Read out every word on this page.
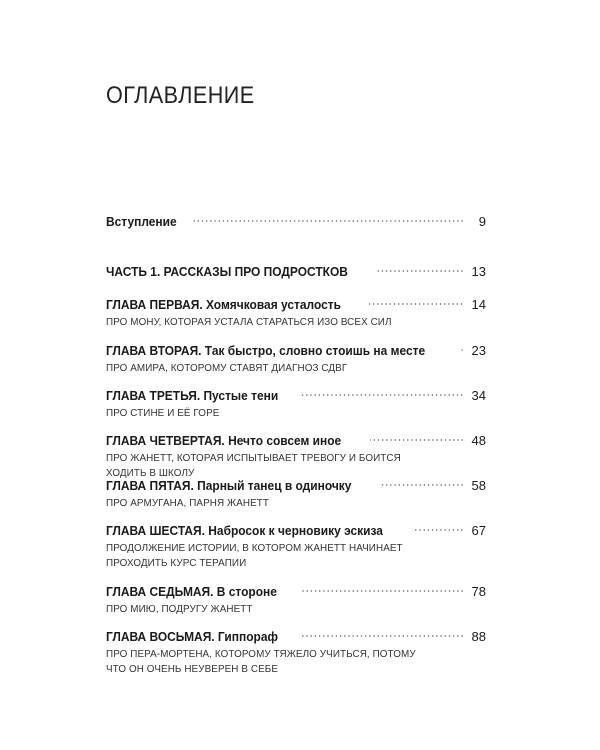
ОГЛАВЛЕНИЕ
Вступление	9
ЧАСТЬ 1. РАССКАЗЫ ПРО ПОДРОСТКОВ	13
ГЛАВА ПЕРВАЯ. Хомячковая усталость	14
ПРО МОНУ, КОТОРАЯ УСТАЛА СТАРАТЬСЯ ИЗО ВСЕХ СИЛ
ГЛАВА ВТОРАЯ. Так быстро, словно стоишь на месте	23
ПРО АМИРА, КОТОРОМУ СТАВЯТ ДИАГНОЗ СДВГ
ГЛАВА ТРЕТЬЯ. Пустые тени	34
ПРО СТИНЕ И ЕЁ ГОРЕ
ГЛАВА ЧЕТВЕРТАЯ. Нечто совсем иное	48
ПРО ЖАНЕТТ, КОТОРАЯ ИСПЫТЫВАЕТ ТРЕВОГУ И БОИТСЯ ХОДИТЬ В ШКОЛУ
ГЛАВА ПЯТАЯ. Парный танец в одиночку	58
ПРО АРМУГАНА, ПАРНЯ ЖАНЕТТ
ГЛАВА ШЕСТАЯ. Набросок к черновику эскиза	67
ПРОДОЛЖЕНИЕ ИСТОРИИ, В КОТОРОМ ЖАНЕТТ НАЧИНАЕТ ПРОХОДИТЬ КУРС ТЕРАПИИ
ГЛАВА СЕДЬМАЯ. В стороне	78
ПРО МИЮ, ПОДРУГУ ЖАНЕТТ
ГЛАВА ВОСЬМАЯ. Гиппораф	88
ПРО ПЕРА-МОРТЕНА, КОТОРОМУ ТЯЖЕЛО УЧИТЬСЯ, ПОТОМУ ЧТО ОН ОЧЕНЬ НЕУВЕРЕН В СЕБЕ
